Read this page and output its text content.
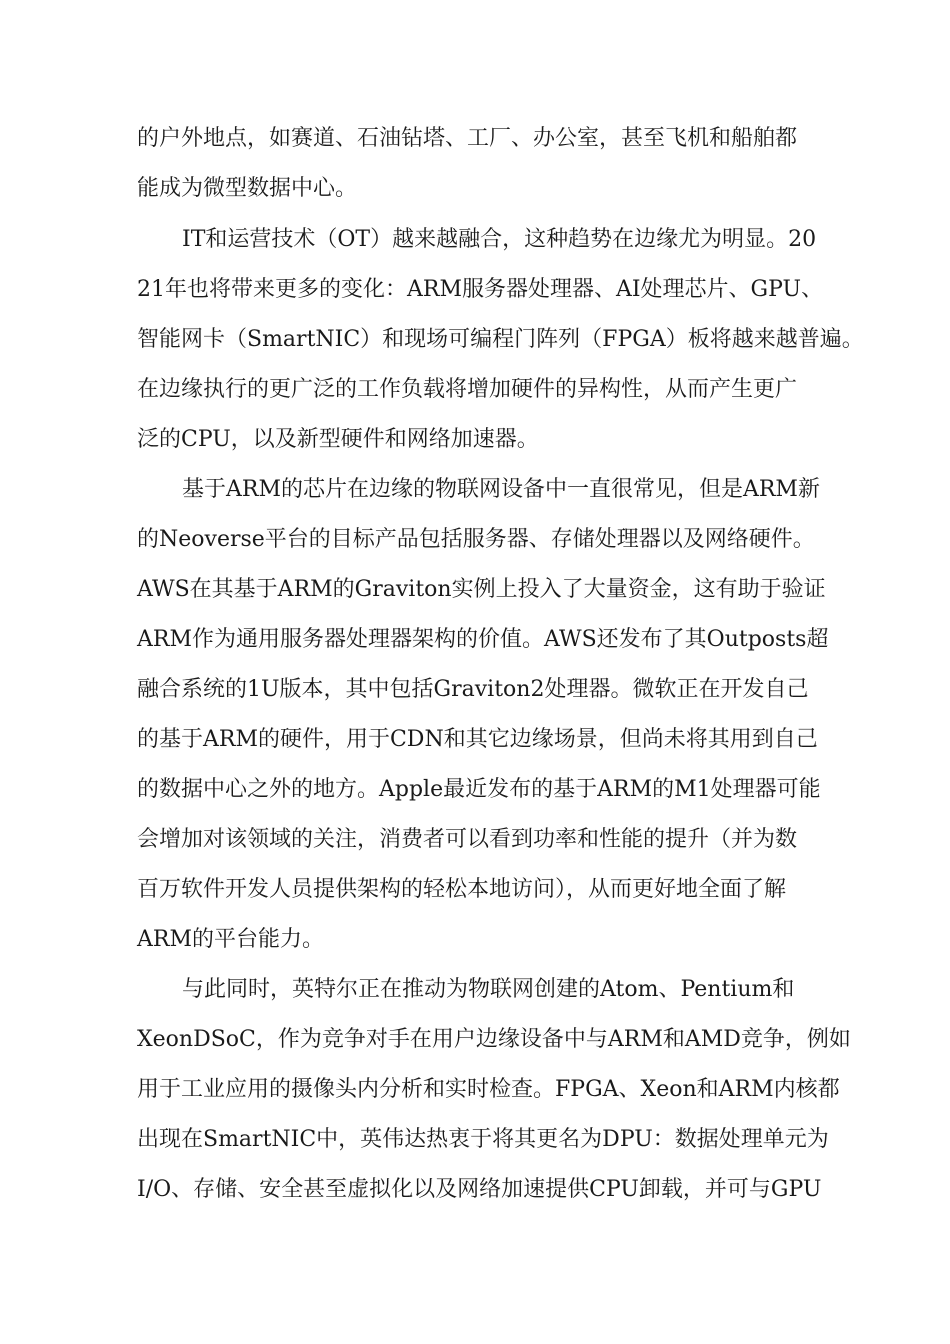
的户外地点，如赛道、石油钻塔、工厂、办公室，甚至飞机和船舶都
能成为微型数据中心。
IT和运营技术（OT）越来越融合，这种趋势在边缘尤为明显。20
21年也将带来更多的变化：ARM服务器处理器、AI处理芯片、GPU、
智能网卡（SmartNIC）和现场可编程门阵列（FPGA）板将越来越普遍。
在边缘执行的更广泛的工作负载将增加硬件的异构性，从而产生更广
泛的CPU，以及新型硬件和网络加速器。
基于ARM的芯片在边缘的物联网设备中一直很常见，但是ARM新
的Neoverse平台的目标产品包括服务器、存储处理器以及网络硬件。
AWS在其基于ARM的Graviton实例上投入了大量资金，这有助于验证
ARM作为通用服务器处理器架构的价值。AWS还发布了其Outposts超
融合系统的1U版本，其中包括Graviton2处理器。微软正在开发自己
的基于ARM的硬件，用于CDN和其它边缘场景，但尚未将其用到自己
的数据中心之外的地方。Apple最近发布的基于ARM的M1处理器可能
会增加对该领域的关注，消费者可以看到功率和性能的提升（并为数
百万软件开发人员提供架构的轻松本地访问），从而更好地全面了解
ARM的平台能力。
与此同时，英特尔正在推动为物联网创建的Atom、Pentium和
XeonDSoC，作为竞争对手在用户边缘设备中与ARM和AMD竞争，例如
用于工业应用的摄像头内分析和实时检查。FPGA、Xeon和ARM内核都
出现在SmartNIC中，英伟达热衷于将其更名为DPU：数据处理单元为
I/O、存储、安全甚至虚拟化以及网络加速提供CPU卸载，并可与GPU
